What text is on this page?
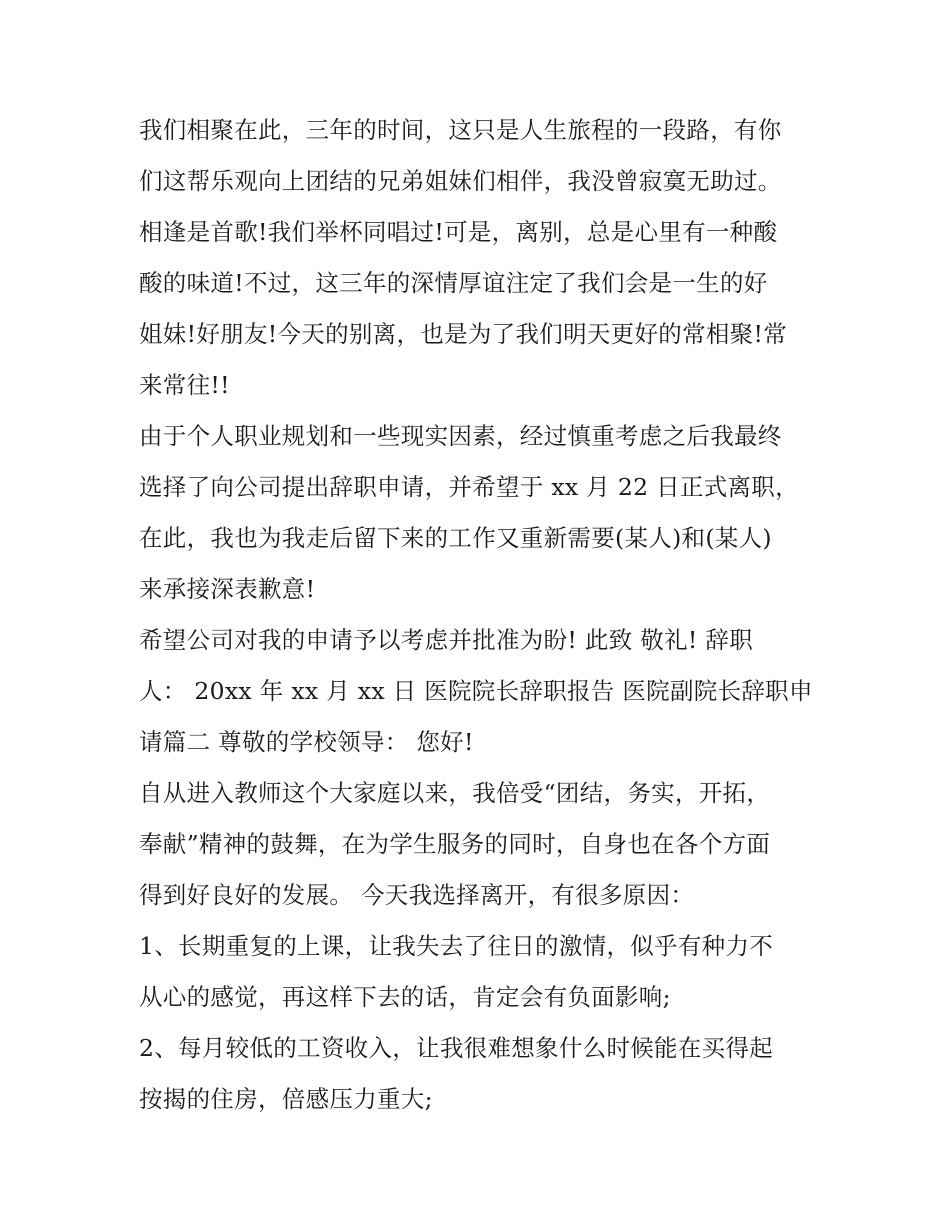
我们相聚在此，三年的时间，这只是人生旅程的一段路，有你
们这帮乐观向上团结的兄弟姐妹们相伴，我没曾寂寞无助过。
相逢是首歌!我们举杯同唱过!可是，离别，总是心里有一种酸
酸的味道!不过，这三年的深情厚谊注定了我们会是一生的好
姐妹!好朋友!今天的别离，也是为了我们明天更好的常相聚!常
来常往!!
由于个人职业规划和一些现实因素，经过慎重考虑之后我最终
选择了向公司提出辞职申请，并希望于 xx 月 22 日正式离职，
在此，我也为我走后留下来的工作又重新需要(某人)和(某人)
来承接深表歉意!
希望公司对我的申请予以考虑并批准为盼! 此致 敬礼! 辞职
人： 20xx 年 xx 月 xx 日 医院院长辞职报告 医院副院长辞职申
请篇二 尊敬的学校领导： 您好!
自从进入教师这个大家庭以来，我倍受“团结，务实，开拓，
奉献”精神的鼓舞，在为学生服务的同时，自身也在各个方面
得到好良好的发展。 今天我选择离开，有很多原因：
1、长期重复的上课，让我失去了往日的激情，似乎有种力不
从心的感觉，再这样下去的话，肯定会有负面影响;
2、每月较低的工资收入，让我很难想象什么时候能在买得起
按揭的住房，倍感压力重大;
